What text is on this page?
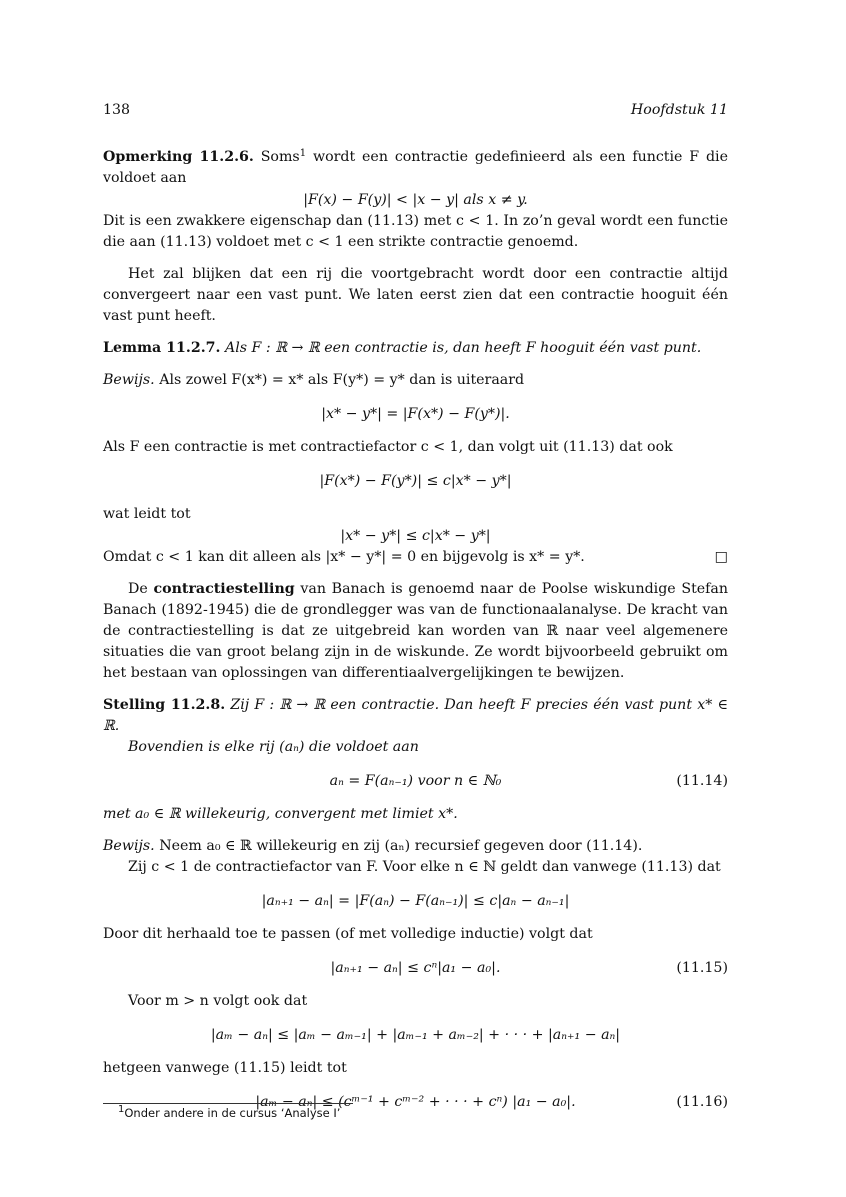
138	Hoofdstuk 11

Opmerking 11.2.6. Soms$^1$ wordt een contractie gedefinieerd als een functie F die voldoet aan

|F(x) − F(y)| < |x − y| als x ≠ y.

Dit is een zwakkere eigenschap dan (11.13) met c < 1. In zo’n geval wordt een functie die aan (11.13) voldoet met c < 1 een strikte contractie genoemd.

Het zal blijken dat een rij die voortgebracht wordt door een contractie altijd convergeert naar een vast punt. We laten eerst zien dat een contractie hooguit één vast punt heeft.

Lemma 11.2.7. Als F : ℝ → ℝ een contractie is, dan heeft F hooguit één vast punt.

Bewijs. Als zowel F(x*) = x* als F(y*) = y* dan is uiteraard

|x* − y*| = |F(x*) − F(y*)|.

Als F een contractie is met contractiefactor c < 1, dan volgt uit (11.13) dat ook

|F(x*) − F(y*)| ≤ c|x* − y*|

wat leidt tot

|x* − y*| ≤ c|x* − y*|

Omdat c < 1 kan dit alleen als |x* − y*| = 0 en bijgevolg is x* = y*.	□

De contractiestelling van Banach is genoemd naar de Poolse wiskundige Stefan Banach (1892-1945) die de grondlegger was van de functionaalanalyse. De kracht van de contractiestelling is dat ze uitgebreid kan worden van ℝ naar veel algemenere situaties die van groot belang zijn in de wiskunde. Ze wordt bijvoorbeeld gebruikt om het bestaan van oplossingen van differentiaalvergelijkingen te bewijzen.

Stelling 11.2.8. Zij F : ℝ → ℝ een contractie. Dan heeft F precies één vast punt x* ∈ ℝ.

Bovendien is elke rij (aₙ) die voldoet aan

aₙ = F(aₙ₋₁) voor n ∈ ℕ₀	(11.14)

met a₀ ∈ ℝ willekeurig, convergent met limiet x*.

Bewijs. Neem a₀ ∈ ℝ willekeurig en zij (aₙ) recursief gegeven door (11.14).

Zij c < 1 de contractiefactor van F. Voor elke n ∈ ℕ geldt dan vanwege (11.13) dat

|aₙ₊₁ − aₙ| = |F(aₙ) − F(aₙ₋₁)| ≤ c|aₙ − aₙ₋₁|

Door dit herhaald toe te passen (of met volledige inductie) volgt dat

|aₙ₊₁ − aₙ| ≤ cⁿ|a₁ − a₀|.	(11.15)

Voor m > n volgt ook dat

|aₘ − aₙ| ≤ |aₘ − aₘ₋₁| + |aₘ₋₁ + aₘ₋₂| + · · · + |aₙ₊₁ − aₙ|

hetgeen vanwege (11.15) leidt tot

|aₘ − aₙ| ≤ (cᵐ⁻¹ + cᵐ⁻² + · · · + cⁿ) |a₁ − a₀|.	(11.16)
$^1$Onder andere in de cursus ‘Analyse I’
